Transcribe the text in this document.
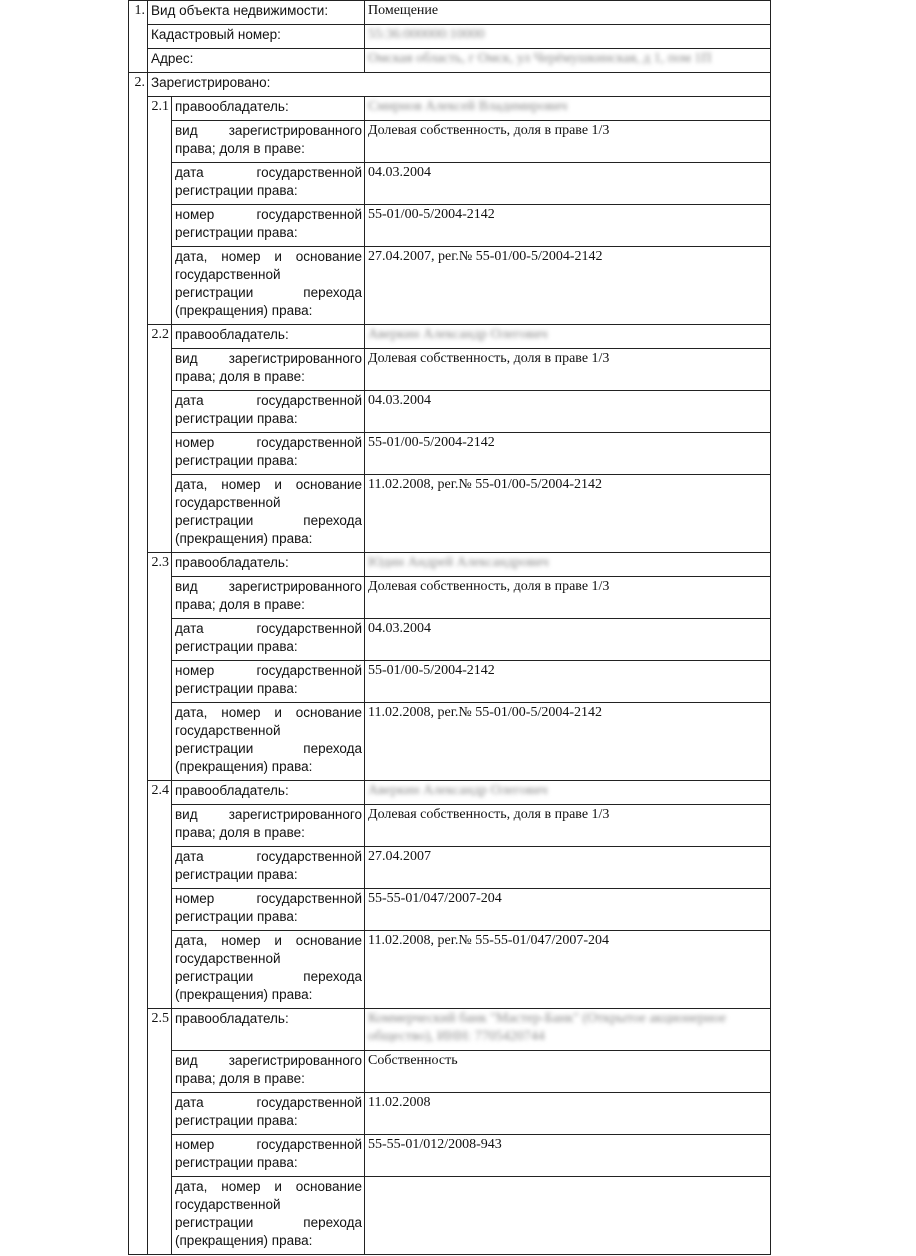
1.	Вид объекта недвижимости:		Помещение
	Кадастровый номер:		55:36:000000:10000
	Адрес:		Омская область, г Омск, ул Черёмушкинская, д 1, пом 1П
2.	Зарегистрировано:		
	2.1	правообладатель:	Смирнов Алексей Владимирович
		вид зарегистрированного права; доля в праве:	Долевая собственность, доля в праве 1/3
		дата государственной регистрации права:	04.03.2004
		номер государственной регистрации права:	55-01/00-5/2004-2142
		дата, номер и основание государственной регистрации перехода (прекращения) права:	27.04.2007, рег.№ 55-01/00-5/2004-2142
	2.2	правообладатель:	Аверкин Александр Олегович
		вид зарегистрированного права; доля в праве:	Долевая собственность, доля в праве 1/3
		дата государственной регистрации права:	04.03.2004
		номер государственной регистрации права:	55-01/00-5/2004-2142
		дата, номер и основание государственной регистрации перехода (прекращения) права:	11.02.2008, рег.№ 55-01/00-5/2004-2142
	2.3	правообладатель:	Юдин Андрей Александрович
		вид зарегистрированного права; доля в праве:	Долевая собственность, доля в праве 1/3
		дата государственной регистрации права:	04.03.2004
		номер государственной регистрации права:	55-01/00-5/2004-2142
		дата, номер и основание государственной регистрации перехода (прекращения) права:	11.02.2008, рег.№ 55-01/00-5/2004-2142
	2.4	правообладатель:	Аверкин Александр Олегович
		вид зарегистрированного права; доля в праве:	Долевая собственность, доля в праве 1/3
		дата государственной регистрации права:	27.04.2007
		номер государственной регистрации права:	55-55-01/047/2007-204
		дата, номер и основание государственной регистрации перехода (прекращения) права:	11.02.2008, рег.№ 55-55-01/047/2007-204
	2.5	правообладатель:	Коммерческий банк "Мастер-Банк" (Открытое акционерное общество), ИНН: 7705420744
		вид зарегистрированного права; доля в праве:	Собственность
		дата государственной регистрации права:	11.02.2008
		номер государственной регистрации права:	55-55-01/012/2008-943
		дата, номер и основание государственной регистрации перехода (прекращения) права:	
